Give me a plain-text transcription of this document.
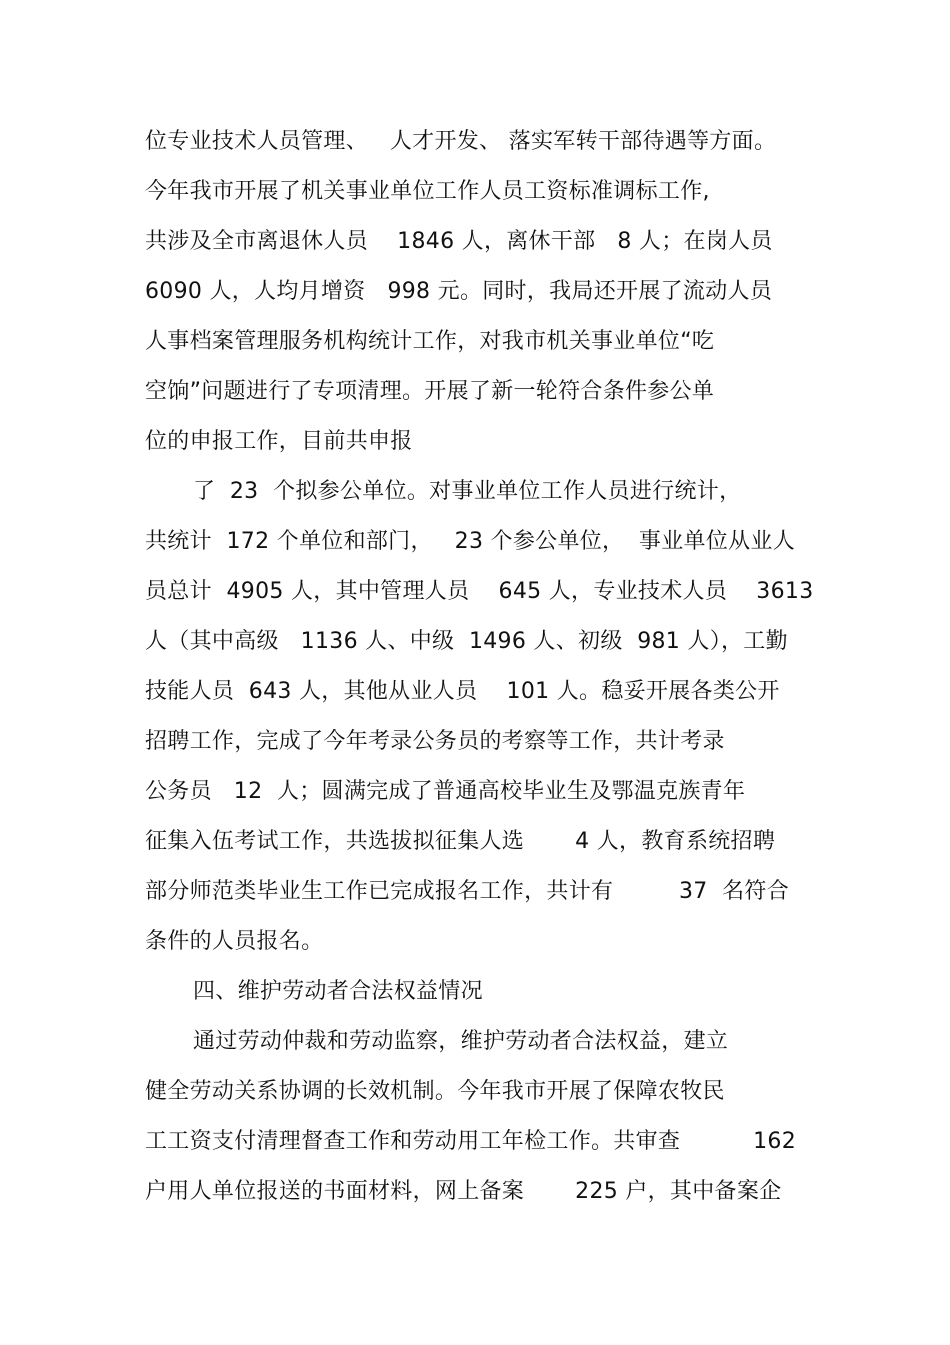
位专业技术人员管理、   人才开发、 落实军转干部待遇等方面。
今年我市开展了机关事业单位工作人员工资标准调标工作,
共涉及全市离退休人员    1846 人，离休干部   8 人；在岗人员
6090 人，人均月增资   998 元。同时，我局还开展了流动人员
人事档案管理服务机构统计工作，对我市机关事业单位“吃
空饷”问题进行了专项清理。开展了新一轮符合条件参公单
位的申报工作，目前共申报
了  23  个拟参公单位。对事业单位工作人员进行统计，
共统计  172 个单位和部门，   23 个参公单位，  事业单位从业人
员总计  4905 人，其中管理人员    645 人，专业技术人员    3613
人（其中高级   1136 人、中级  1496 人、初级  981 人），工勤
技能人员  643 人，其他从业人员    101 人。稳妥开展各类公开
招聘工作，完成了今年考录公务员的考察等工作，共计考录
公务员   12  人；圆满完成了普通高校毕业生及鄂温克族青年
征集入伍考试工作，共选拔拟征集人选       4 人，教育系统招聘
部分师范类毕业生工作已完成报名工作，共计有         37  名符合
条件的人员报名。
四、维护劳动者合法权益情况
通过劳动仲裁和劳动监察，维护劳动者合法权益，建立
健全劳动关系协调的长效机制。今年我市开展了保障农牧民
工工资支付清理督查工作和劳动用工年检工作。共审查          162
户用人单位报送的书面材料，网上备案       225 户，其中备案企
